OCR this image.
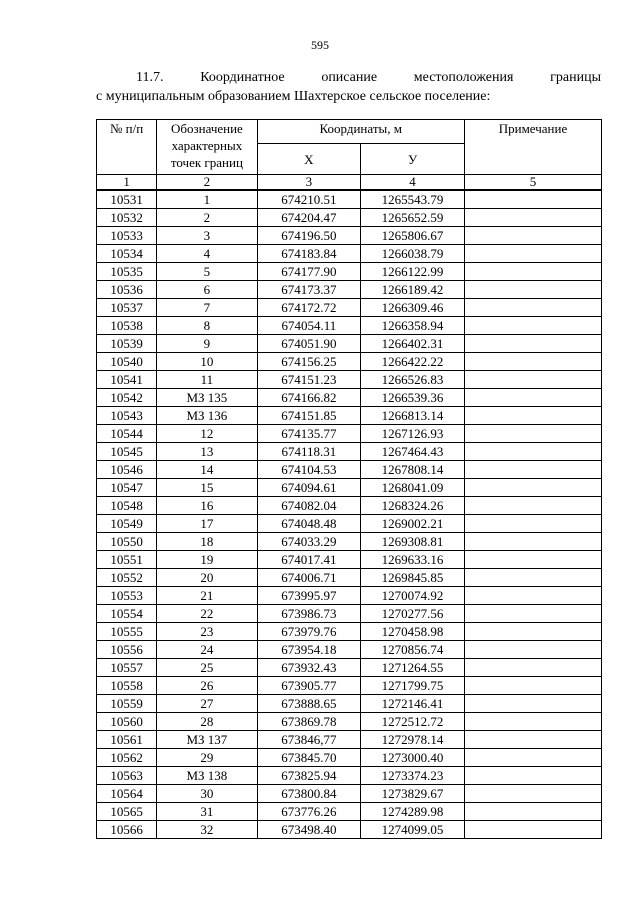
595
11.7.	Координатное	описание	местоположения	границы
с муниципальным образованием Шахтерское сельское поселение:
№ п/п	Обозначение характерных точек границ	Координаты, м		Примечание
		Х	У	
1	2	3	4	5
10531	1	674210.51	1265543.79	
10532	2	674204.47	1265652.59	
10533	3	674196.50	1265806.67	
10534	4	674183.84	1266038.79	
10535	5	674177.90	1266122.99	
10536	6	674173.37	1266189.42	
10537	7	674172.72	1266309.46	
10538	8	674054.11	1266358.94	
10539	9	674051.90	1266402.31	
10540	10	674156.25	1266422.22	
10541	11	674151.23	1266526.83	
10542	МЗ 135	674166.82	1266539.36	
10543	МЗ 136	674151.85	1266813.14	
10544	12	674135.77	1267126.93	
10545	13	674118.31	1267464.43	
10546	14	674104.53	1267808.14	
10547	15	674094.61	1268041.09	
10548	16	674082.04	1268324.26	
10549	17	674048.48	1269002.21	
10550	18	674033.29	1269308.81	
10551	19	674017.41	1269633.16	
10552	20	674006.71	1269845.85	
10553	21	673995.97	1270074.92	
10554	22	673986.73	1270277.56	
10555	23	673979.76	1270458.98	
10556	24	673954.18	1270856.74	
10557	25	673932.43	1271264.55	
10558	26	673905.77	1271799.75	
10559	27	673888.65	1272146.41	
10560	28	673869.78	1272512.72	
10561	МЗ 137	673846,77	1272978.14	
10562	29	673845.70	1273000.40	
10563	МЗ 138	673825.94	1273374.23	
10564	30	673800.84	1273829.67	
10565	31	673776.26	1274289.98	
10566	32	673498.40	1274099.05	
